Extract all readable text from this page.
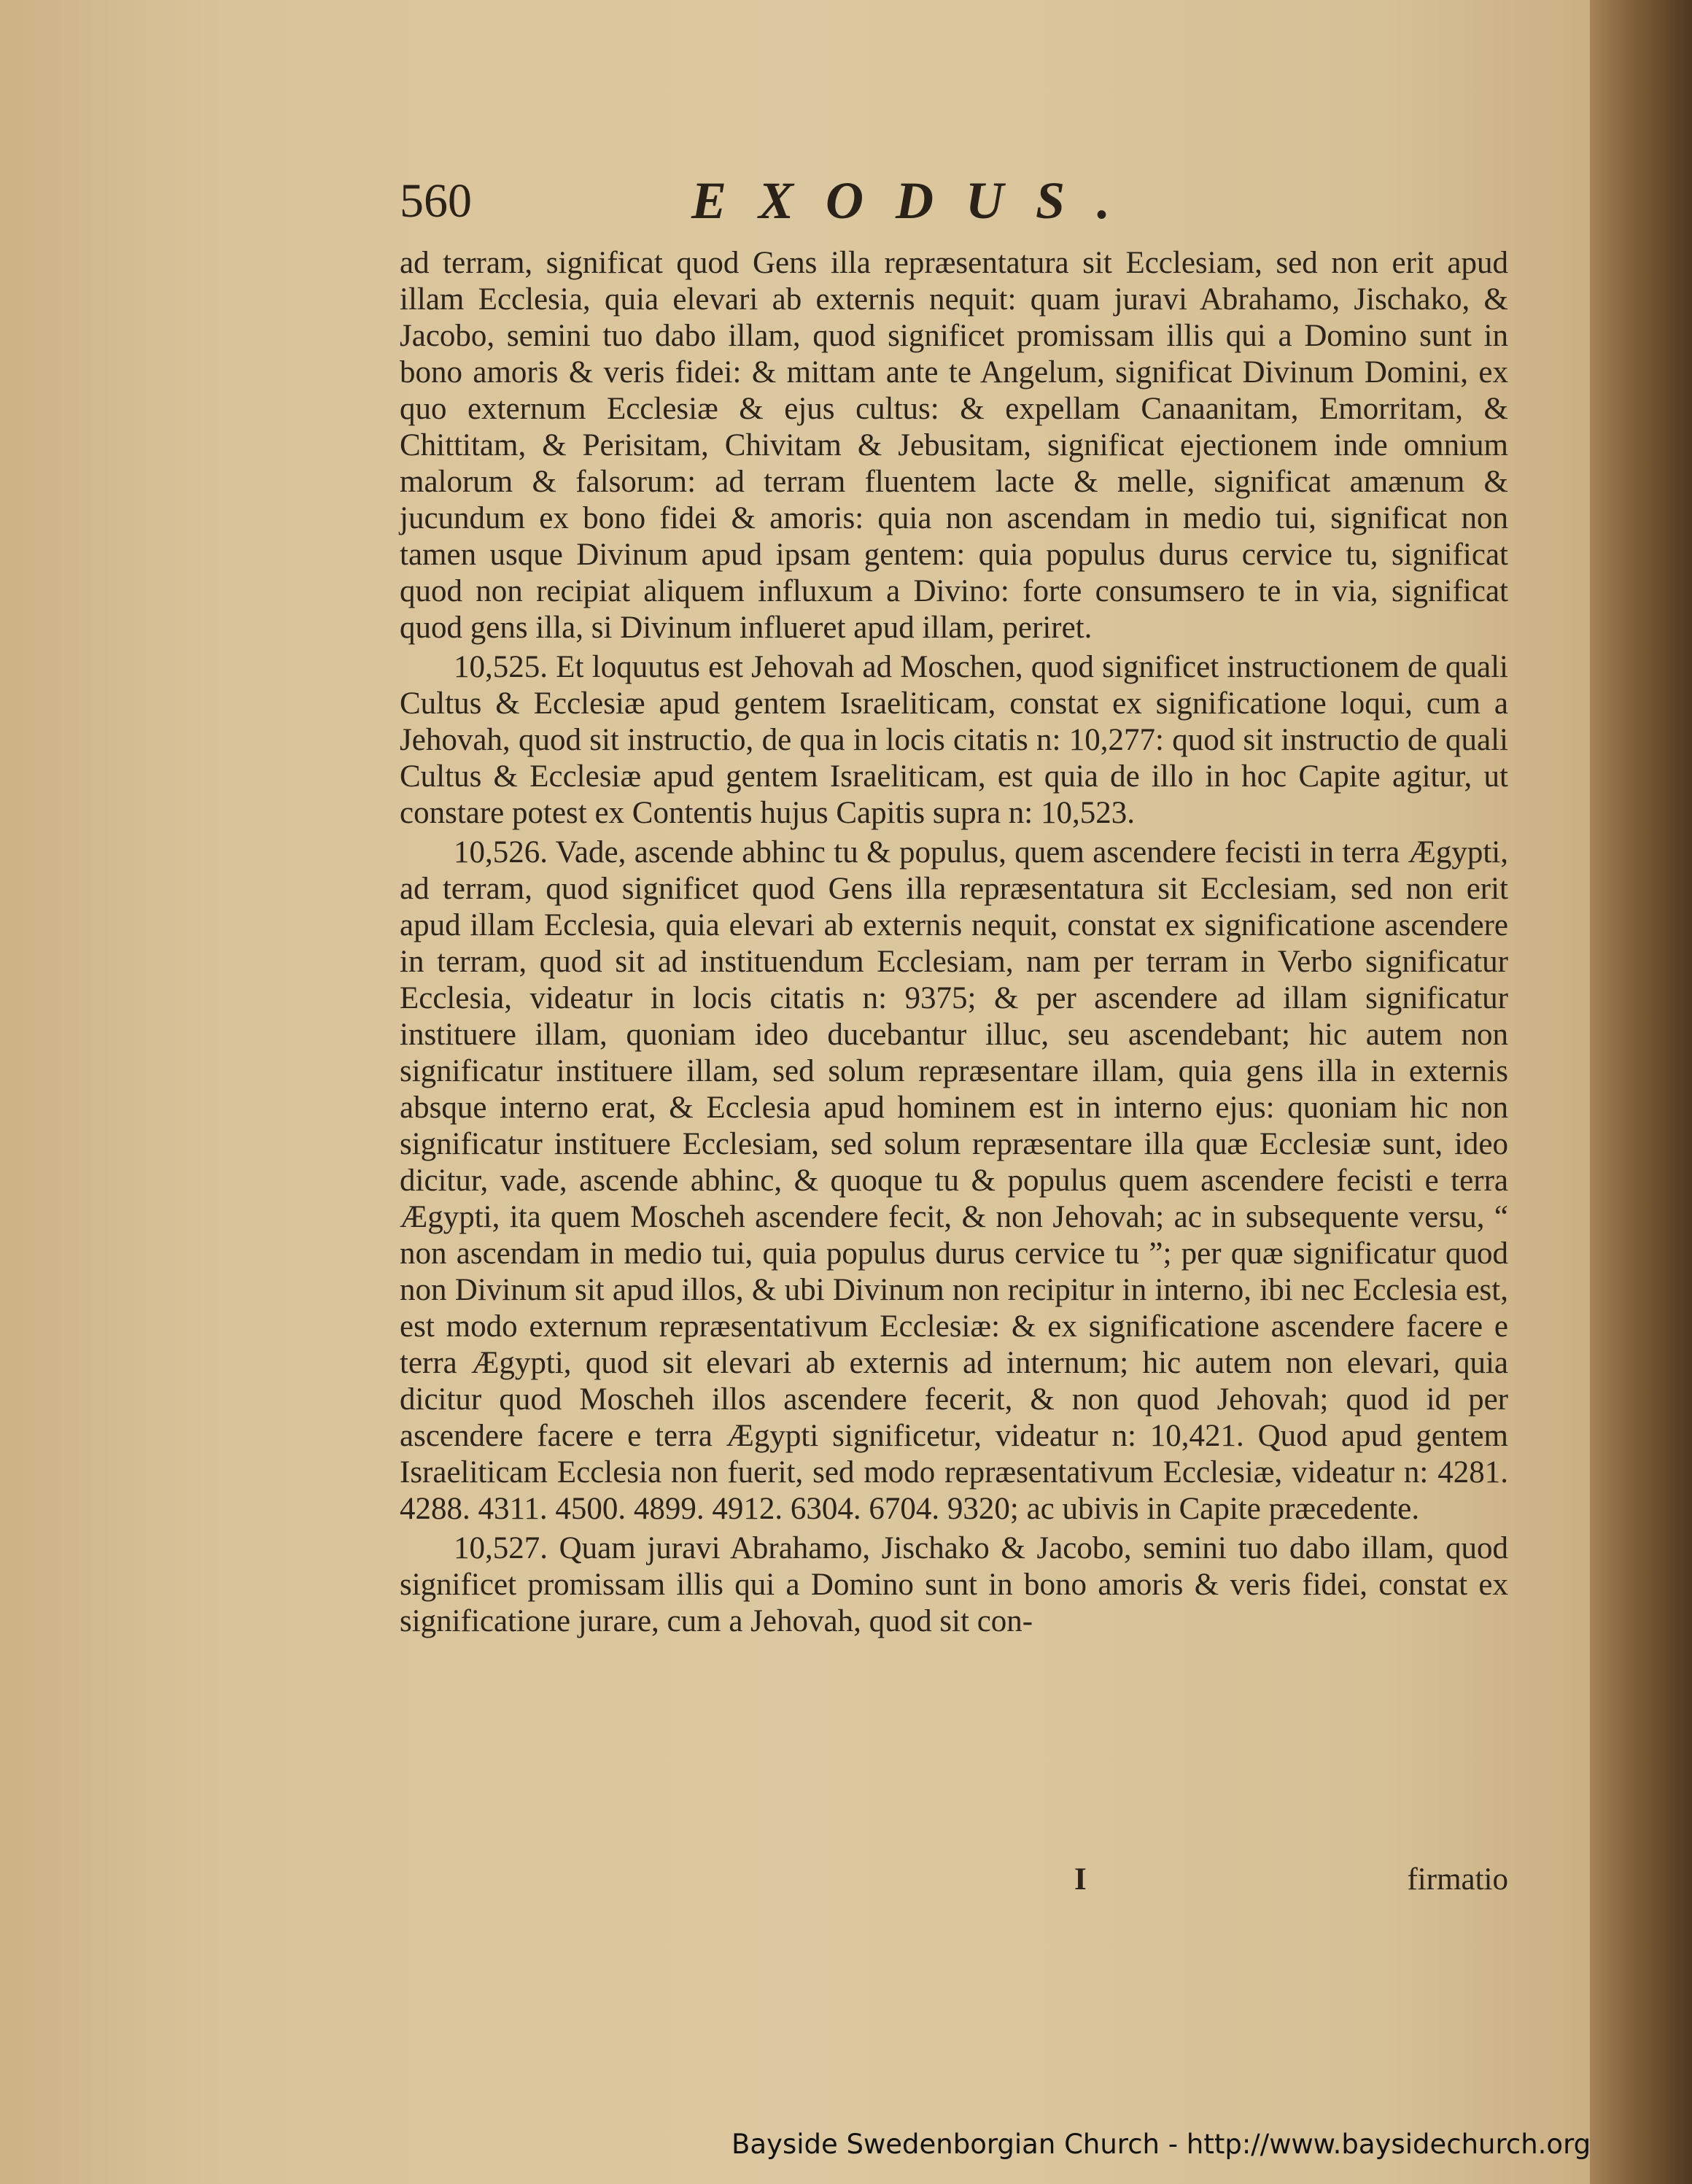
560	EXODUS.

ad terram, significat quod Gens illa repræsentatura sit Ecclesiam, sed non erit apud illam Ecclesia, quia elevari ab externis nequit: quam juravi Abrahamo, Jischako, & Jacobo, semini tuo dabo illam, quod significet promissam illis qui a Domino sunt in bono amoris & veris fidei: & mittam ante te Angelum, significat Divinum Domini, ex quo externum Ecclesiæ & ejus cultus: & expellam Canaanitam, Emorritam, & Chittitam, & Perisitam, Chivitam & Jebusitam, significat ejectionem inde omnium malorum & falsorum: ad terram fluentem lacte & melle, significat amænum & jucundum ex bono fidei & amoris: quia non ascendam in medio tui, significat non tamen usque Divinum apud ipsam gentem: quia populus durus cervice tu, significat quod non recipiat aliquem influxum a Divino: forte consumsero te in via, significat quod gens illa, si Divinum influeret apud illam, periret.

10,525. Et loquutus est Jehovah ad Moschen, quod significet instructionem de quali Cultus & Ecclesiæ apud gentem Israeliticam, constat ex significatione loqui, cum a Jehovah, quod sit instructio, de qua in locis citatis n: 10,277: quod sit instructio de quali Cultus & Ecclesiæ apud gentem Israeliticam, est quia de illo in hoc Capite agitur, ut constare potest ex Contentis hujus Capitis supra n: 10,523.

10,526. Vade, ascende abhinc tu & populus, quem ascendere fecisti in terra Ægypti, ad terram, quod significet quod Gens illa repræsentatura sit Ecclesiam, sed non erit apud illam Ecclesia, quia elevari ab externis nequit, constat ex significatione ascendere in terram, quod sit ad instituendum Ecclesiam, nam per terram in Verbo significatur Ecclesia, videatur in locis citatis n: 9375; & per ascendere ad illam significatur instituere illam, quoniam ideo ducebantur illuc, seu ascendebant; hic autem non significatur instituere illam, sed solum repræsentare illam, quia gens illa in externis absque interno erat, & Ecclesia apud hominem est in interno ejus: quoniam hic non significatur instituere Ecclesiam, sed solum repræsentare illa quæ Ecclesiæ sunt, ideo dicitur, vade, ascende abhinc, & quoque tu & populus quem ascendere fecisti e terra Ægypti, ita quem Moscheh ascendere fecit, & non Jehovah; ac in subsequente versu, “ non ascendam in medio tui, quia populus durus cervice tu ”; per quæ significatur quod non Divinum sit apud illos, & ubi Divinum non recipitur in interno, ibi nec Ecclesia est, est modo externum repræsentativum Ecclesiæ: & ex significatione ascendere facere e terra Ægypti, quod sit elevari ab externis ad internum; hic autem non elevari, quia dicitur quod Moscheh illos ascendere fecerit, & non quod Jehovah; quod id per ascendere facere e terra Ægypti significetur, videatur n: 10,421. Quod apud gentem Israeliticam Ecclesia non fuerit, sed modo repræsentativum Ecclesiæ, videatur n: 4281. 4288. 4311. 4500. 4899. 4912. 6304. 6704. 9320; ac ubivis in Capite præcedente.

10,527. Quam juravi Abrahamo, Jischako & Jacobo, semini tuo dabo illam, quod significet promissam illis qui a Domino sunt in bono amoris & veris fidei, constat ex significatione jurare, cum a Jehovah, quod sit con-

I	firmatio
Bayside Swedenborgian Church - http://www.baysidechurch.org
